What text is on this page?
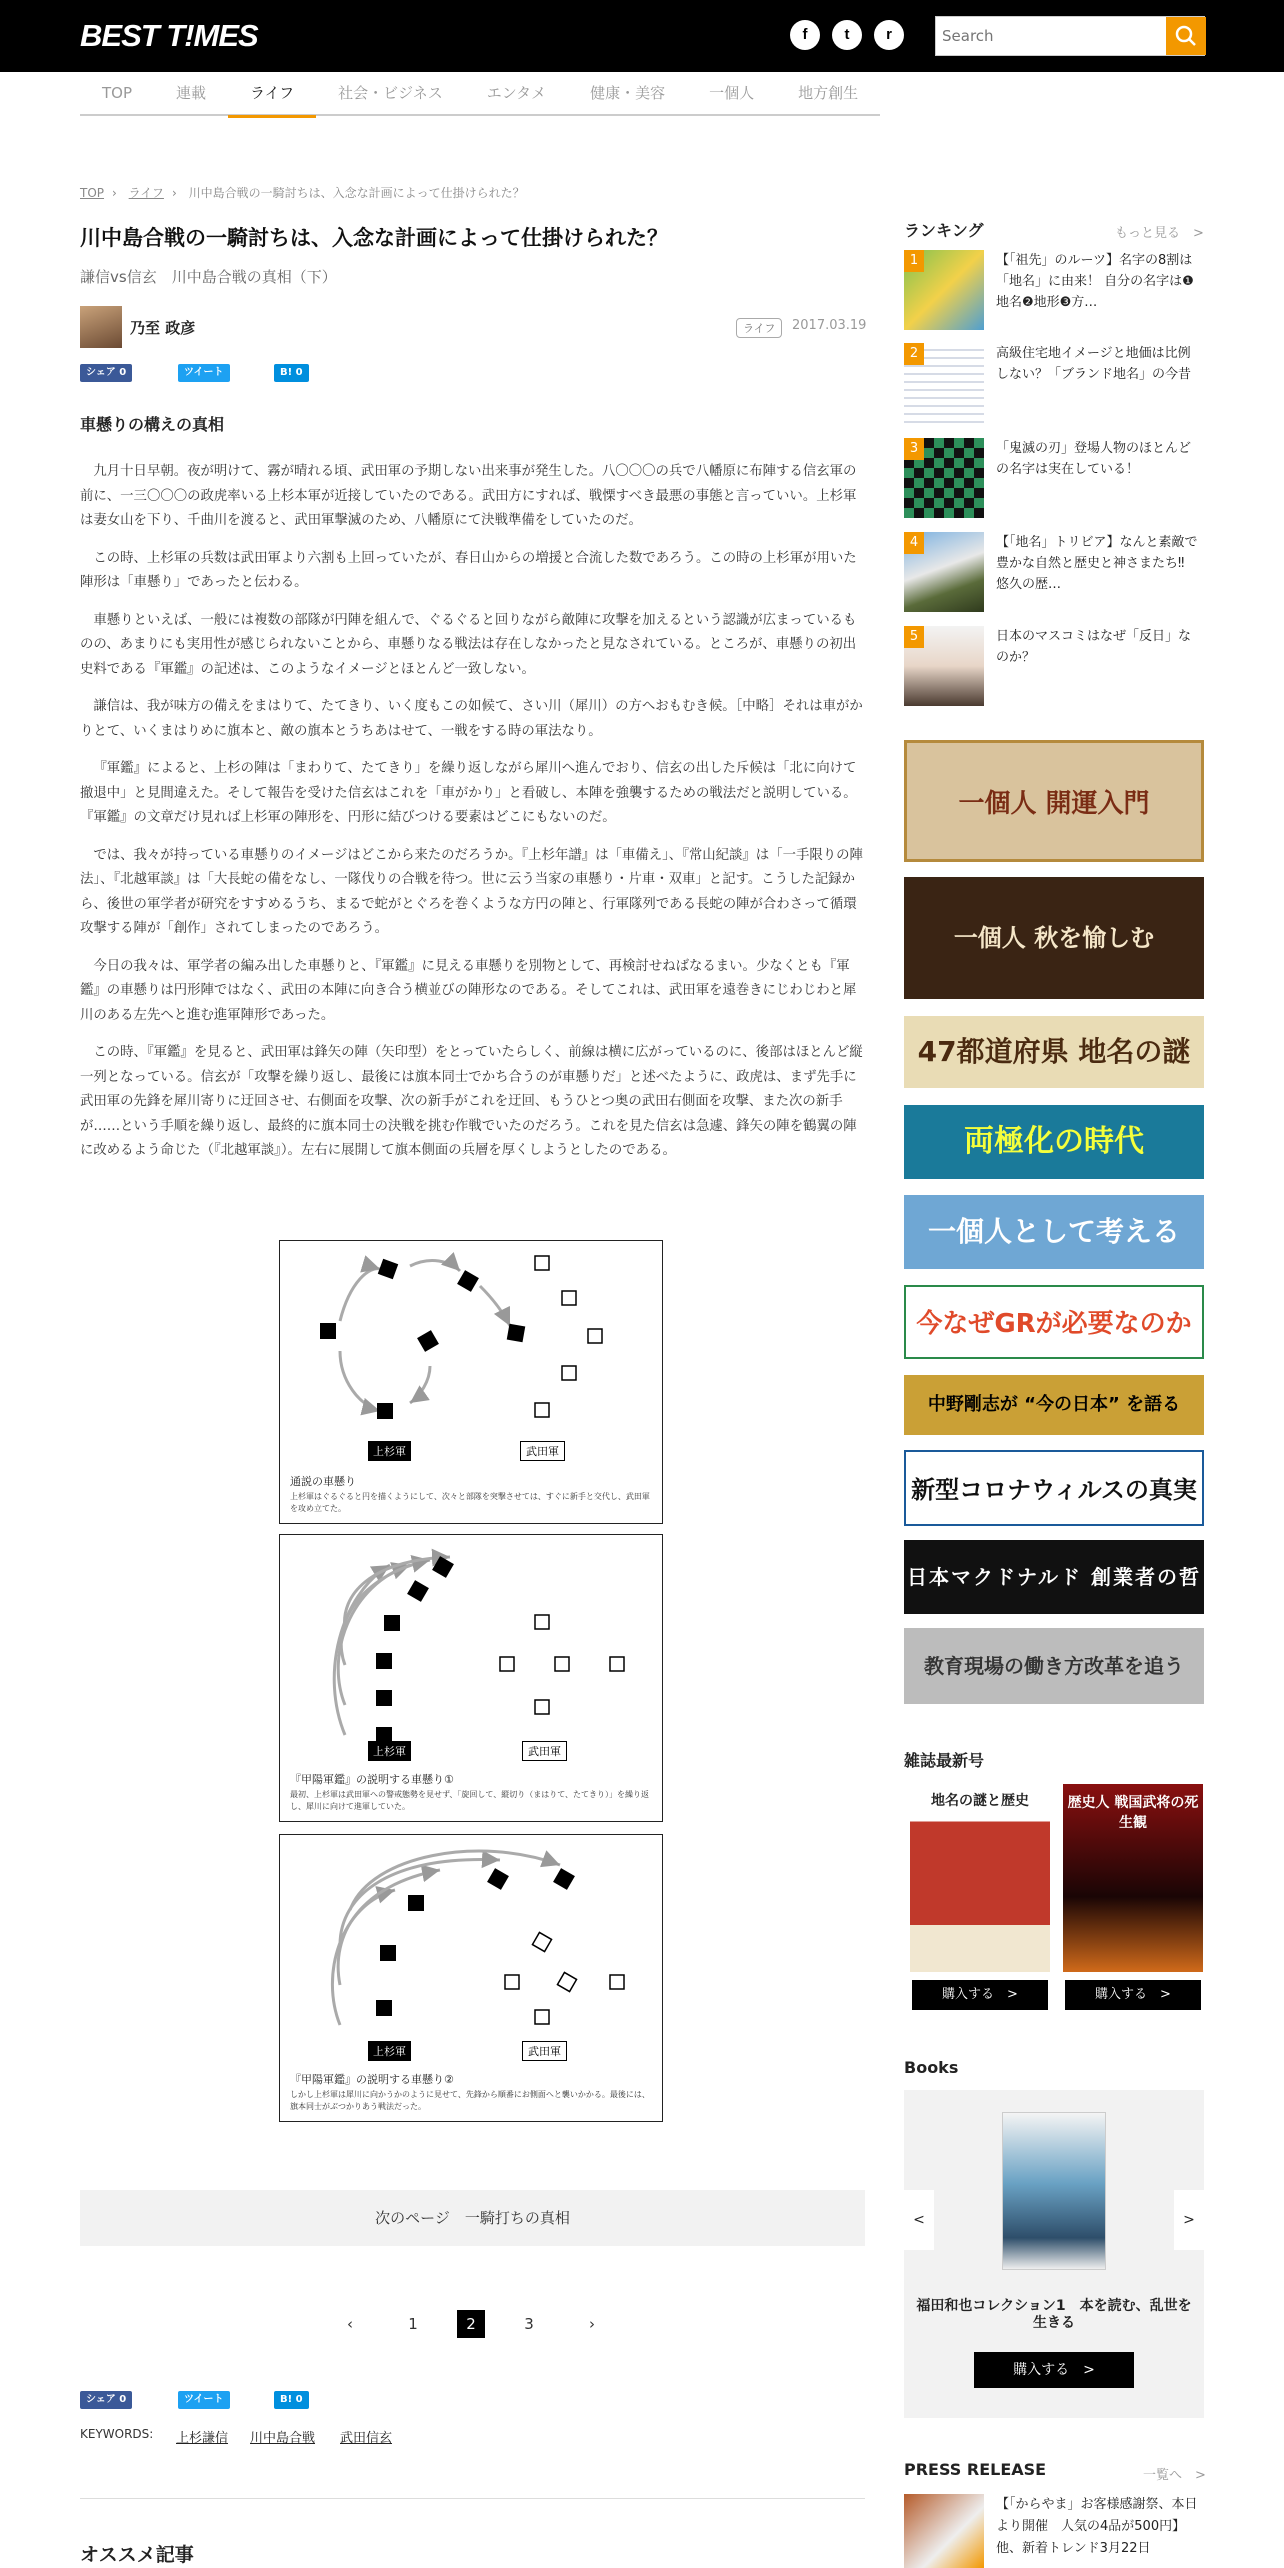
BEST T!MES	f	t	r
Search
TOP	連載	ライフ	社会・ビジネス	エンタメ	健康・美容	一個人	地方創生
TOP › ライフ › 川中島合戦の一騎討ちは、入念な計画によって仕掛けられた？
川中島合戦の一騎討ちは、入念な計画によって仕掛けられた？
謙信vs信玄　川中島合戦の真相（下）
乃至 政彦	ライフ	2017.03.19
シェア 0	ツイート	B! 0
車懸りの構えの真相

九月十日早朝。夜が明けて、霧が晴れる頃、武田軍の予期しない出来事が発生した。八〇〇〇の兵で八幡原に布陣する信玄軍の前に、一三〇〇〇の政虎率いる上杉本軍が近接していたのである。武田方にすれば、戦慄すべき最悪の事態と言っていい。上杉軍は妻女山を下り、千曲川を渡ると、武田軍撃滅のため、八幡原にて決戦準備をしていたのだ。

この時、上杉軍の兵数は武田軍より六割も上回っていたが、春日山からの増援と合流した数であろう。この時の上杉軍が用いた陣形は「車懸り」であったと伝わる。

車懸りといえば、一般には複数の部隊が円陣を組んで、ぐるぐると回りながら敵陣に攻撃を加えるという認識が広まっているものの、あまりにも実用性が感じられないことから、車懸りなる戦法は存在しなかったと見なされている。ところが、車懸りの初出史料である『軍鑑』の記述は、このようなイメージとほとんど一致しない。

謙信は、我が味方の備えをまはりて、たてきり、いく度もこの如候て、さい川（犀川）の方へおもむき候。［中略］それは車がかりとて、いくまはりめに旗本と、敵の旗本とうちあはせて、一戦をする時の軍法なり。

『軍鑑』によると、上杉の陣は「まわりて、たてきり」を繰り返しながら犀川へ進んでおり、信玄の出した斥候は「北に向けて撤退中」と見間違えた。そして報告を受けた信玄はこれを「車がかり」と看破し、本陣を強襲するための戦法だと説明している。『軍鑑』の文章だけ見れば上杉軍の陣形を、円形に結びつける要素はどこにもないのだ。

では、我々が持っている車懸りのイメージはどこから来たのだろうか。『上杉年譜』は「車備え」、『常山紀談』は「一手限りの陣法」、『北越軍談』は「大長蛇の備をなし、一隊伐りの合戦を待つ。世に云う当家の車懸り・片車・双車」と記す。こうした記録から、後世の軍学者が研究をすすめるうち、まるで蛇がとぐろを巻くような方円の陣と、行軍隊列である長蛇の陣が合わさって循環攻撃する陣が「創作」されてしまったのであろう。

今日の我々は、軍学者の編み出した車懸りと、『軍鑑』に見える車懸りを別物として、再検討せねばなるまい。少なくとも『軍鑑』の車懸りは円形陣ではなく、武田の本陣に向き合う横並びの陣形なのである。そしてこれは、武田軍を遠巻きにじわじわと犀川のある左先へと進む進軍陣形であった。

この時、『軍鑑』を見ると、武田軍は鋒矢の陣（矢印型）をとっていたらしく、前線は横に広がっているのに、後部はほとんど縦一列となっている。信玄が「攻撃を繰り返し、最後には旗本同士でかち合うのが車懸りだ」と述べたように、政虎は、まず先手に武田軍の先鋒を犀川寄りに迂回させ、右側面を攻撃、次の新手がこれを迂回、もうひとつ奥の武田右側面を攻撃、また次の新手が……という手順を繰り返し、最終的に旗本同士の決戦を挑む作戦でいたのだろう。これを見た信玄は急遽、鋒矢の陣を鶴翼の陣に改めるよう命じた（『北越軍談』）。左右に展開して旗本側面の兵層を厚くしようとしたのである。

上杉軍	武田軍
通説の車懸り
上杉軍はぐるぐると円を描くようにして、次々と部隊を突撃させては、すぐに新手と交代し、武田軍を攻め立てた。
上杉軍	武田軍
『甲陽軍鑑』の説明する車懸り①
最初、上杉軍は武田軍への警戒態勢を見せず、「旋回して、縦切り（まはりて、たてきり）」を繰り返し、犀川に向けて進軍していた。
上杉軍	武田軍
『甲陽軍鑑』の説明する車懸り②
しかし上杉軍は犀川に向かうかのように見せて、先鋒から順番にお側面へと襲いかかる。最後には、旗本同士がぶつかりあう戦法だった。
次のページ　一騎打ちの真相
‹	1	2	3	›
シェア 0	ツイート	B! 0
KEYWORDS: 上杉謙信 川中島合戦 武田信玄
オススメ記事
ランキング	もっと見る　>
1	【「祖先」のルーツ】名字の8割は「地名」に由来！ 自分の名字は❶地名❷地形❸方…
2	高級住宅地イメージと地価は比例しない？「ブランド地名」の今昔
3	「鬼滅の刃」登場人物のほとんどの名字は実在している！
4	【「地名」トリビア】なんと素敵で豊かな自然と歴史と神さまたち‼ 悠久の歴…
5	日本のマスコミはなぜ「反日」なのか？
一個人 開運入門
一個人 秋を愉しむ
47都道府県 地名の謎
両極化の時代
一個人として考える
今なぜGRが必要なのか
中野剛志が “今の日本” を語る
新型コロナウィルスの真実
日本マクドナルド 創業者の哲
教育現場の働き方改革を追う
雑誌最新号
地名の謎と歴史	歴史人 戦国武将の死生観
購入する　>	購入する　>
Books
<	>
福田和也コレクション1　本を読む、乱世を生きる
購入する　>
PRESS RELEASE	一覧へ　>
【「からやま」お客様感謝祭、本日より開催　人気の4品が500円】他、新着トレンド3月22日
